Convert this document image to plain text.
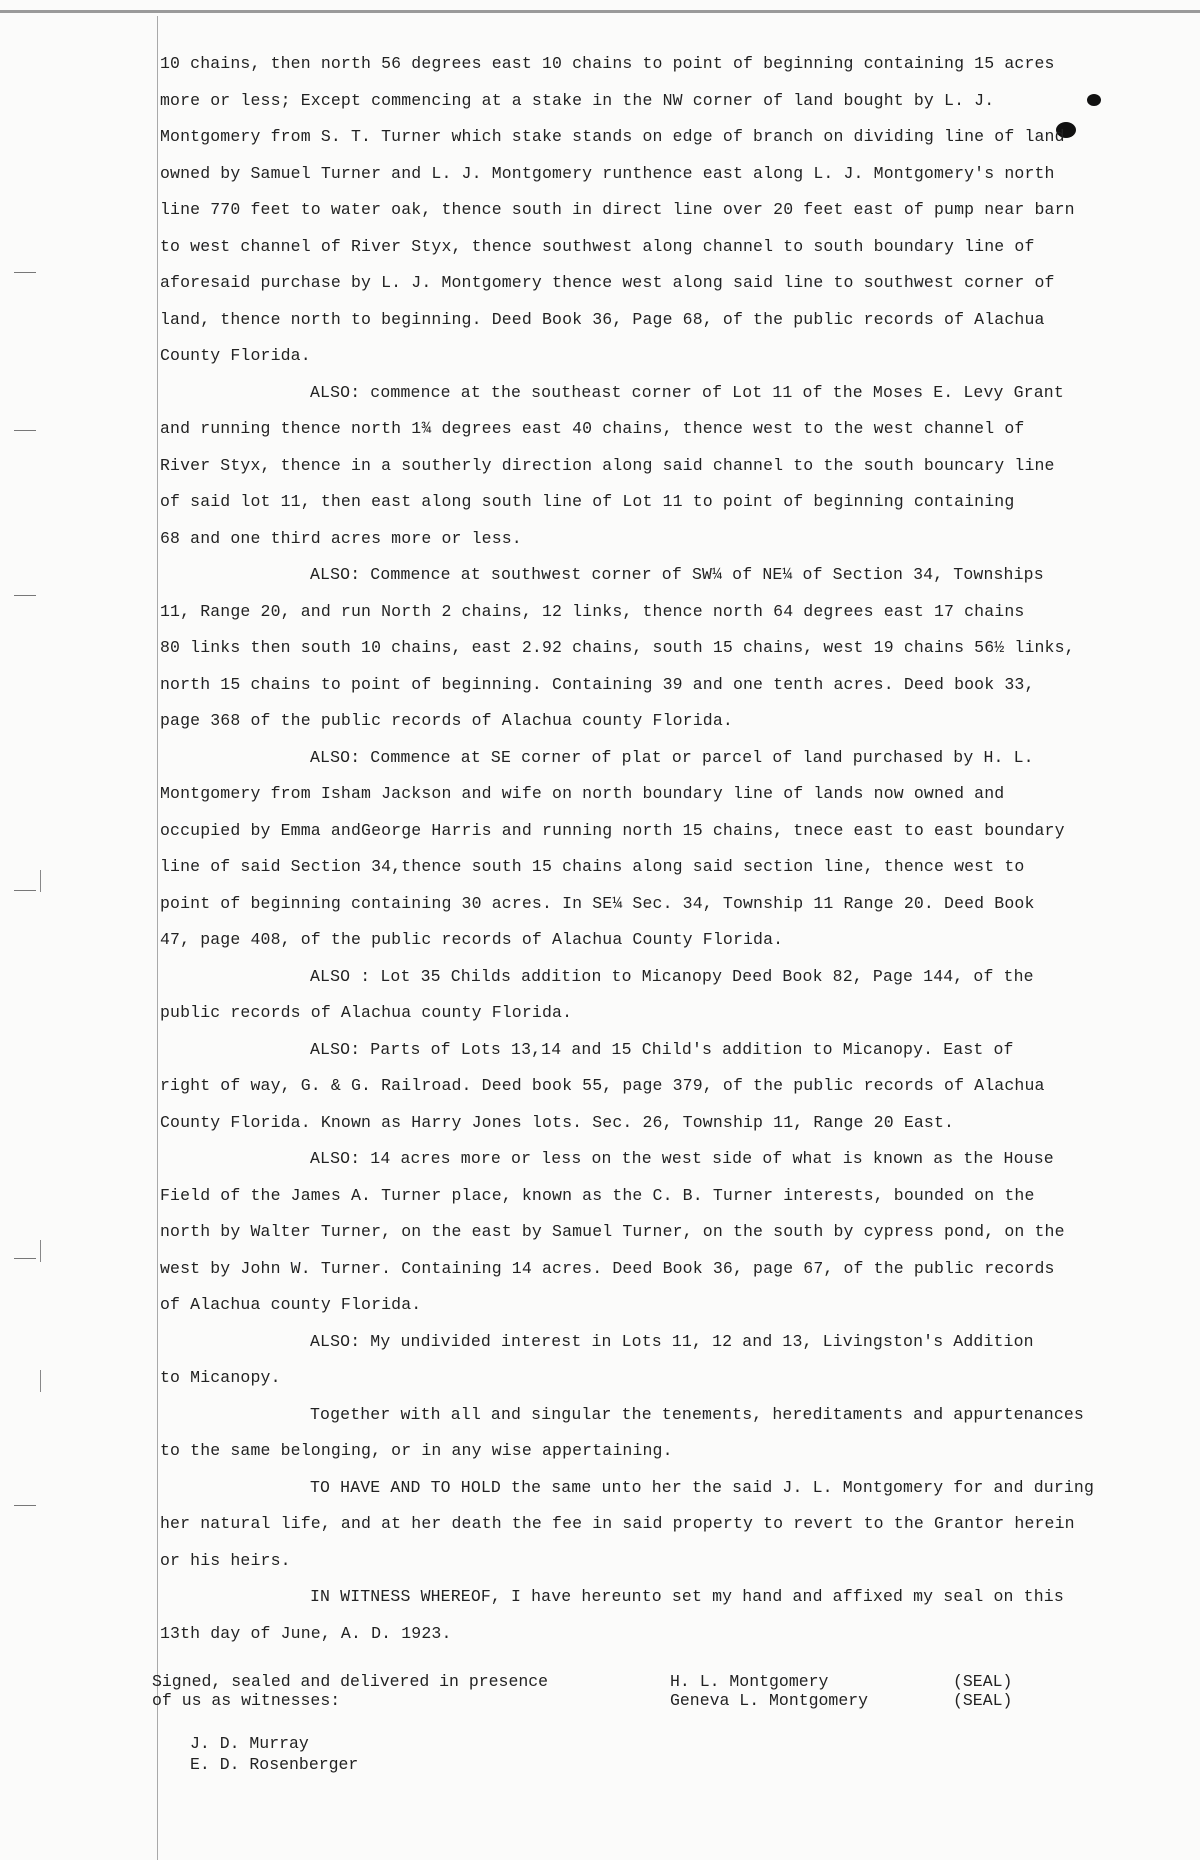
10 chains, then north 56 degrees east 10 chains to point of beginning containing 15 acres
more or less; Except commencing at a stake in the NW corner of land bought by L. J.
Montgomery from S. T. Turner which stake stands on edge of branch on dividing line of land
owned by Samuel Turner and L. J. Montgomery runthence east along L. J. Montgomery's north
line 770 feet to water oak, thence south in direct line over 20 feet east of pump near barn
to west channel of River Styx, thence southwest along channel to south boundary line of
aforesaid purchase by L. J. Montgomery thence west along said line to southwest corner of
land, thence north to beginning. Deed Book 36, Page 68, of the public records of Alachua
County Florida.
ALSO: commence at the southeast corner of Lot 11 of the Moses E. Levy Grant
and running thence north 1¾ degrees east 40 chains, thence west to the west channel of
River Styx, thence in a southerly direction along said channel to the south bouncary line
of said lot 11, then east along south line of Lot 11 to point of beginning containing
68 and one third acres more or less.
ALSO: Commence at southwest corner of SW¼ of NE¼ of Section 34, Townships
11, Range 20, and run North 2 chains, 12 links, thence north 64 degrees east 17 chains
80 links then south 10 chains, east 2.92 chains, south 15 chains, west 19 chains 56½ links,
north 15 chains to point of beginning. Containing 39 and one tenth acres. Deed book 33,
page 368 of the public records of Alachua county Florida.
ALSO: Commence at SE corner of plat or parcel of land purchased by H. L.
Montgomery from Isham Jackson and wife on north boundary line of lands now owned and
occupied by Emma andGeorge Harris and running north 15 chains, tnece east to east boundary
line of said Section 34,thence south 15 chains along said section line, thence west to
point of beginning containing 30 acres. In SE¼ Sec. 34, Township 11 Range 20. Deed Book
47, page 408, of the public records of Alachua County Florida.
ALSO : Lot 35 Childs addition to Micanopy Deed Book 82, Page 144, of the
public records of Alachua county Florida.
ALSO: Parts of Lots 13,14 and 15 Child's addition to Micanopy. East of
right of way, G. & G. Railroad. Deed book 55, page 379, of the public records of Alachua
County Florida. Known as Harry Jones lots. Sec. 26, Township 11, Range 20 East.
ALSO: 14 acres more or less on the west side of what is known as the House
Field of the James A. Turner place, known as the C. B. Turner interests, bounded on the
north by Walter Turner, on the east by Samuel Turner, on the south by cypress pond, on the
west by John W. Turner. Containing 14 acres. Deed Book 36, page 67, of the public records
of Alachua county Florida.
ALSO: My undivided interest in Lots 11, 12 and 13, Livingston's Addition
to Micanopy.
Together with all and singular the tenements, hereditaments and appurtenances
to the same belonging, or in any wise appertaining.
TO HAVE AND TO HOLD the same unto her the said J. L. Montgomery for and during
her natural life, and at her death the fee in said property to revert to the Grantor herein
or his heirs.
IN WITNESS WHEREOF, I have hereunto set my hand and affixed my seal on this
13th day of June, A. D. 1923.
Signed, sealed and delivered in presence
of us as witnesses:
H. L. Montgomery
Geneva L. Montgomery
(SEAL)
(SEAL)
J. D. Murray
E. D. Rosenberger
